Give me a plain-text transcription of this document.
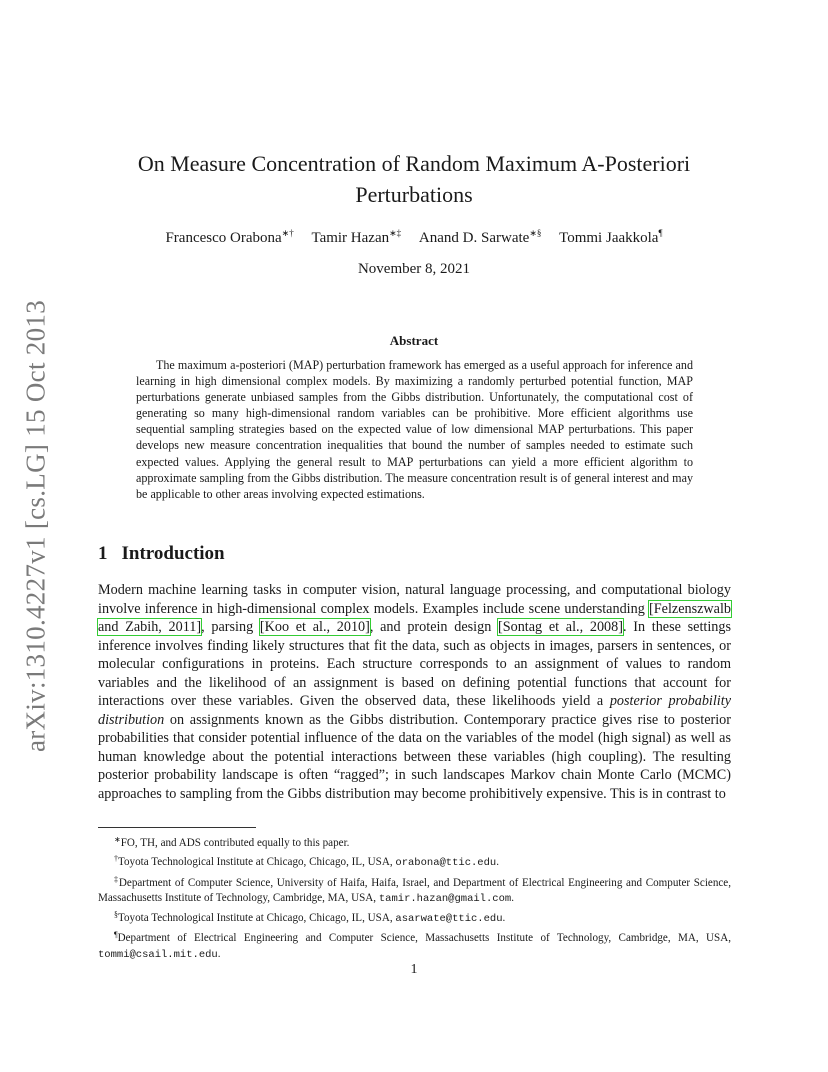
arXiv:1310.4227v1 [cs.LG] 15 Oct 2013
On Measure Concentration of Random Maximum A-Posteriori Perturbations
Francesco Orabona∗† Tamir Hazan∗‡ Anand D. Sarwate∗§ Tommi Jaakkola¶
November 8, 2021
Abstract

The maximum a-posteriori (MAP) perturbation framework has emerged as a useful approach for inference and learning in high dimensional complex models. By maximizing a randomly perturbed potential function, MAP perturbations generate unbiased samples from the Gibbs distribution. Unfortunately, the computational cost of generating so many high-dimensional random variables can be prohibitive. More efficient algorithms use sequential sampling strategies based on the expected value of low dimensional MAP perturbations. This paper develops new measure concentration inequalities that bound the number of samples needed to estimate such expected values. Applying the general result to MAP perturbations can yield a more efficient algorithm to approximate sampling from the Gibbs distribution. The measure concentration result is of general interest and may be applicable to other areas involving expected estimations.

1 Introduction

Modern machine learning tasks in computer vision, natural language processing, and computational biology involve inference in high-dimensional complex models. Examples include scene understanding [Felzenszwalb and Zabih, 2011], parsing [Koo et al., 2010], and protein design [Sontag et al., 2008]. In these settings inference involves finding likely structures that fit the data, such as objects in images, parsers in sentences, or molecular configurations in proteins. Each structure corresponds to an assignment of values to random variables and the likelihood of an assignment is based on defining potential functions that account for interactions over these variables. Given the observed data, these likelihoods yield a posterior probability distribution on assignments known as the Gibbs distribution. Contemporary practice gives rise to posterior probabilities that consider potential influence of the data on the variables of the model (high signal) as well as human knowledge about the potential interactions between these variables (high coupling). The resulting posterior probability landscape is often “ragged”; in such landscapes Markov chain Monte Carlo (MCMC) approaches to sampling from the Gibbs distribution may become prohibitively expensive. This is in contrast to

∗FO, TH, and ADS contributed equally to this paper.

†Toyota Technological Institute at Chicago, Chicago, IL, USA, orabona@ttic.edu.

‡Department of Computer Science, University of Haifa, Haifa, Israel, and Department of Electrical Engineering and Computer Science, Massachusetts Institute of Technology, Cambridge, MA, USA, tamir.hazan@gmail.com.

§Toyota Technological Institute at Chicago, Chicago, IL, USA, asarwate@ttic.edu.

¶Department of Electrical Engineering and Computer Science, Massachusetts Institute of Technology, Cambridge, MA, USA, tommi@csail.mit.edu.

1
